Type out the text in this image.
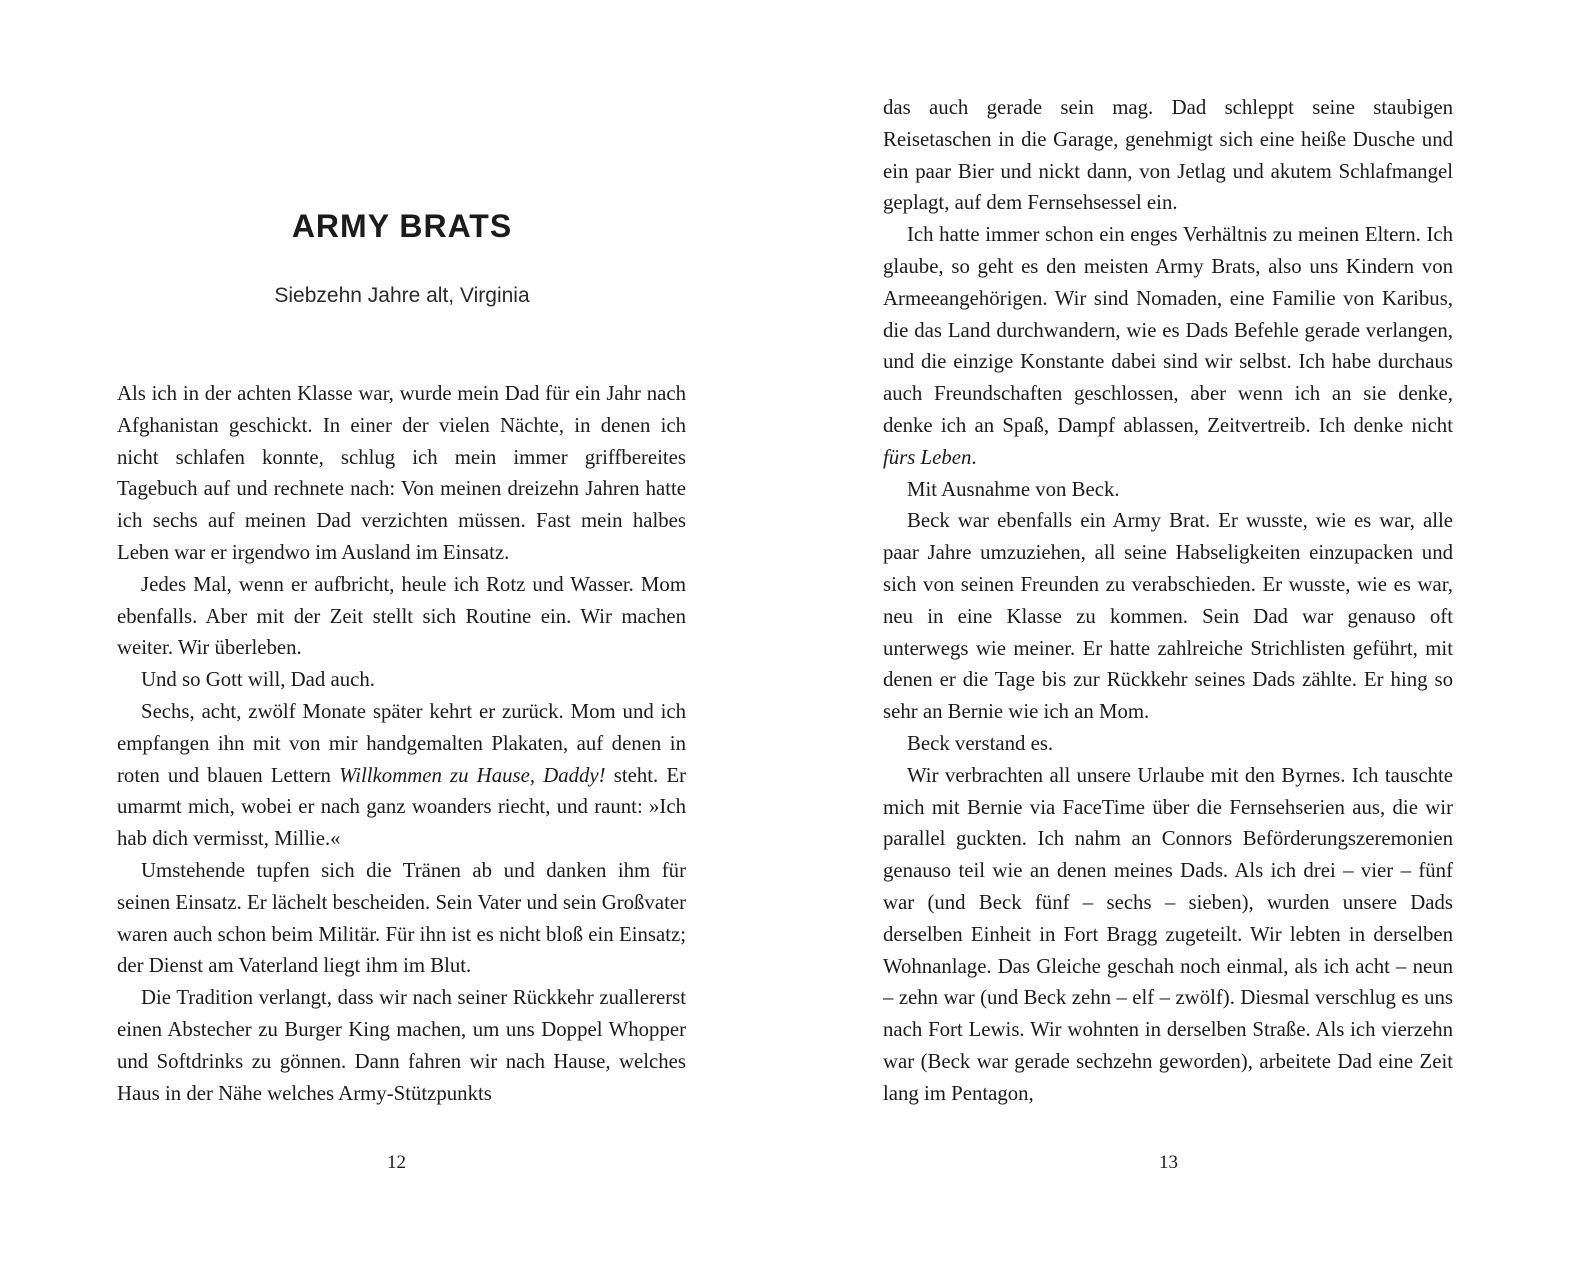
ARMY BRATS
Siebzehn Jahre alt, Virginia

Als ich in der achten Klasse war, wurde mein Dad für ein Jahr nach Afghanistan geschickt. In einer der vielen Nächte, in denen ich nicht schlafen konnte, schlug ich mein immer griffbereites Tagebuch auf und rechnete nach: Von meinen dreizehn Jahren hatte ich sechs auf meinen Dad verzichten müssen. Fast mein halbes Leben war er irgendwo im Ausland im Einsatz.

Jedes Mal, wenn er aufbricht, heule ich Rotz und Wasser. Mom ebenfalls. Aber mit der Zeit stellt sich Routine ein. Wir machen weiter. Wir überleben.

Und so Gott will, Dad auch.

Sechs, acht, zwölf Monate später kehrt er zurück. Mom und ich empfangen ihn mit von mir handgemalten Plakaten, auf denen in roten und blauen Lettern Willkommen zu Hause, Daddy! steht. Er umarmt mich, wobei er nach ganz woanders riecht, und raunt: »Ich hab dich vermisst, Millie.«

Umstehende tupfen sich die Tränen ab und danken ihm für seinen Einsatz. Er lächelt bescheiden. Sein Vater und sein Großvater waren auch schon beim Militär. Für ihn ist es nicht bloß ein Einsatz; der Dienst am Vaterland liegt ihm im Blut.

Die Tradition verlangt, dass wir nach seiner Rückkehr zuallererst einen Abstecher zu Burger King machen, um uns Doppel Whopper und Softdrinks zu gönnen. Dann fahren wir nach Hause, welches Haus in der Nähe welches Army-Stützpunkts

12

das auch gerade sein mag. Dad schleppt seine staubigen Reisetaschen in die Garage, genehmigt sich eine heiße Dusche und ein paar Bier und nickt dann, von Jetlag und akutem Schlafmangel geplagt, auf dem Fernsehsessel ein.

Ich hatte immer schon ein enges Verhältnis zu meinen Eltern. Ich glaube, so geht es den meisten Army Brats, also uns Kindern von Armeeangehörigen. Wir sind Nomaden, eine Familie von Karibus, die das Land durchwandern, wie es Dads Befehle gerade verlangen, und die einzige Konstante dabei sind wir selbst. Ich habe durchaus auch Freundschaften geschlossen, aber wenn ich an sie denke, denke ich an Spaß, Dampf ablassen, Zeitvertreib. Ich denke nicht fürs Leben.

Mit Ausnahme von Beck.

Beck war ebenfalls ein Army Brat. Er wusste, wie es war, alle paar Jahre umzuziehen, all seine Habseligkeiten einzupacken und sich von seinen Freunden zu verabschieden. Er wusste, wie es war, neu in eine Klasse zu kommen. Sein Dad war genauso oft unterwegs wie meiner. Er hatte zahlreiche Strichlisten geführt, mit denen er die Tage bis zur Rückkehr seines Dads zählte. Er hing so sehr an Bernie wie ich an Mom.

Beck verstand es.

Wir verbrachten all unsere Urlaube mit den Byrnes. Ich tauschte mich mit Bernie via FaceTime über die Fernsehserien aus, die wir parallel guckten. Ich nahm an Connors Beförderungszeremonien genauso teil wie an denen meines Dads. Als ich drei – vier – fünf war (und Beck fünf – sechs – sieben), wurden unsere Dads derselben Einheit in Fort Bragg zugeteilt. Wir lebten in derselben Wohnanlage. Das Gleiche geschah noch einmal, als ich acht – neun – zehn war (und Beck zehn – elf – zwölf). Diesmal verschlug es uns nach Fort Lewis. Wir wohnten in derselben Straße. Als ich vierzehn war (Beck war gerade sechzehn geworden), arbeitete Dad eine Zeit lang im Pentagon,

13
